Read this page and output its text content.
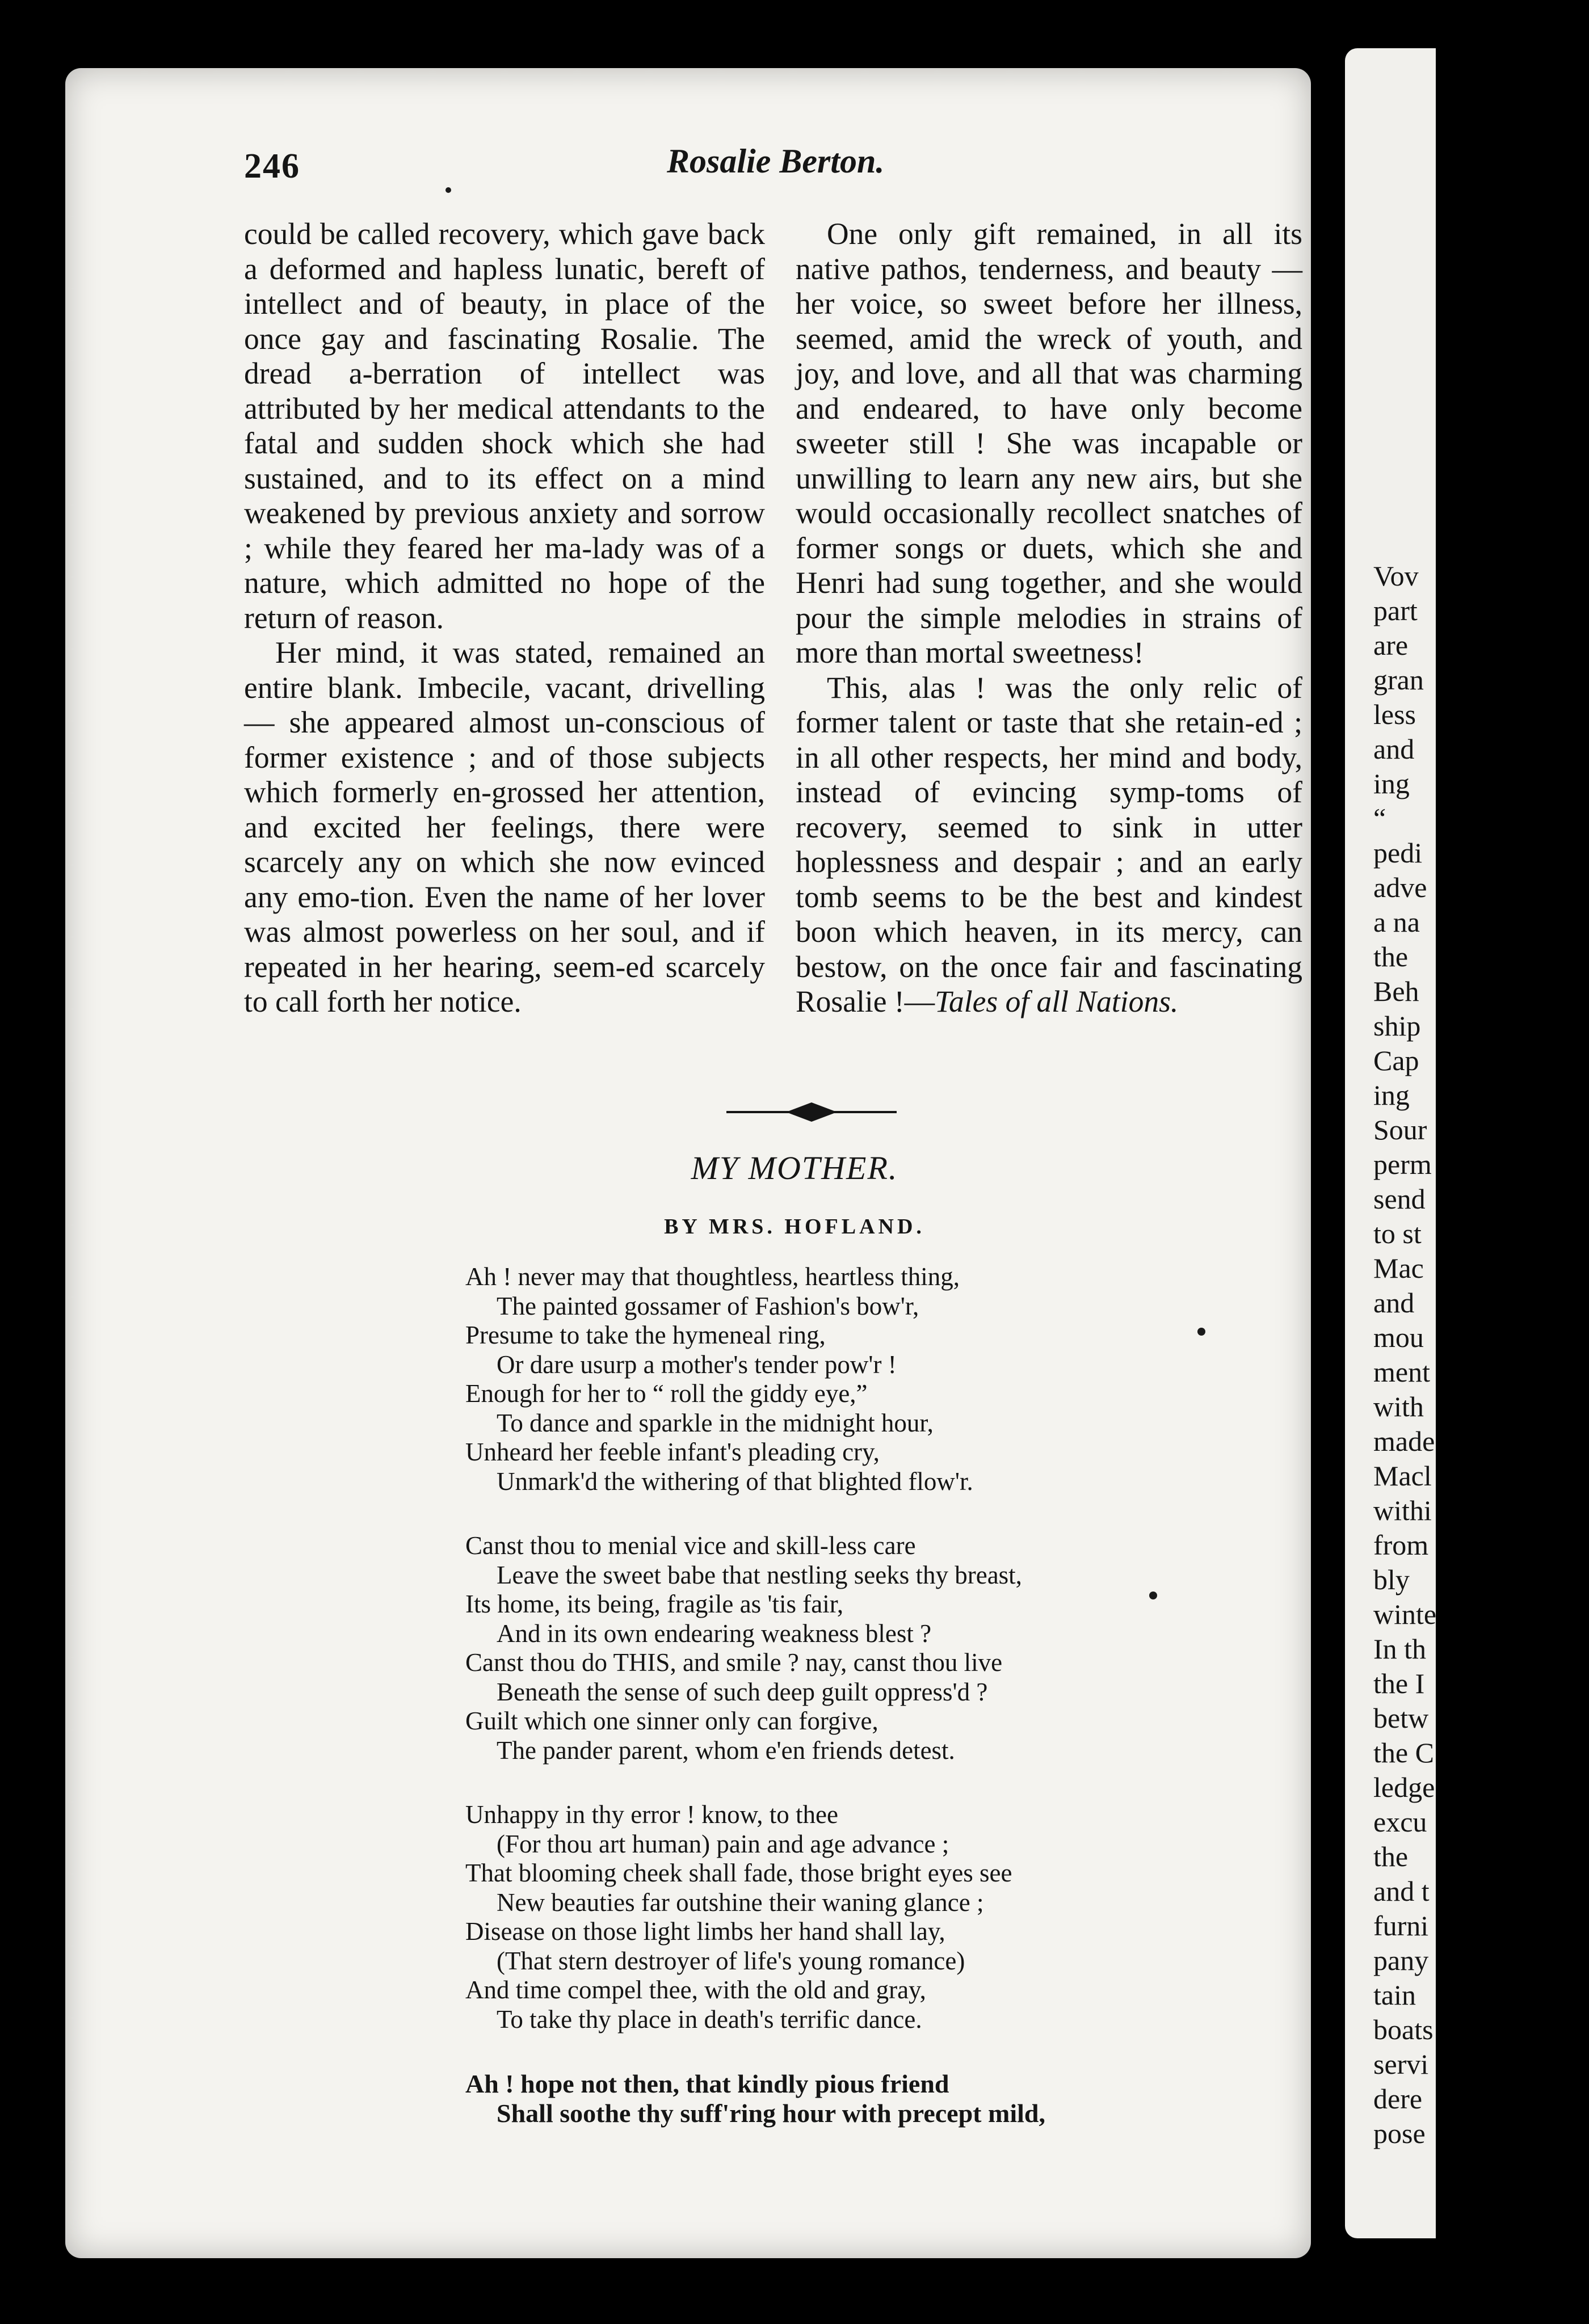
Vov
part
are
gran
less
and
ing
“
pedi
adve
a na
the
Beh
ship
Cap
ing
Sour
perm
send
to st
Mac
and
mou
ment
with
made
Macl
withi
from
bly
winte
In th
the I
betw
the C
ledge
excu
the
and t
furni
pany
tain
boats
servi
dere
pose
246	Rosalie Berton.

could be called recovery, which gave back a deformed and hapless lunatic, bereft of intellect and of beauty, in place of the once gay and fascinating Rosalie. The dread a-berration of intellect was attributed by her medical attendants to the fatal and sudden shock which she had sustained, and to its effect on a mind weakened by previous anxiety and sorrow ; while they feared her ma-lady was of a nature, which admitted no hope of the return of reason.

Her mind, it was stated, remained an entire blank. Imbecile, vacant, drivelling— she appeared almost un-conscious of former existence ; and of those subjects which formerly en-grossed her attention, and excited her feelings, there were scarcely any on which she now evinced any emo-tion. Even the name of her lover was almost powerless on her soul, and if repeated in her hearing, seem-ed scarcely to call forth her notice.

One only gift remained, in all its native pathos, tenderness, and beauty —her voice, so sweet before her illness, seemed, amid the wreck of youth, and joy, and love, and all that was charming and endeared, to have only become sweeter still ! She was incapable or unwilling to learn any new airs, but she would occasionally recollect snatches of former songs or duets, which she and Henri had sung together, and she would pour the simple melodies in strains of more than mortal sweetness!

This, alas ! was the only relic of former talent or taste that she retain-ed ; in all other respects, her mind and body, instead of evincing symp-toms of recovery, seemed to sink in utter hoplessness and despair ; and an early tomb seems to be the best and kindest boon which heaven, in its mercy, can bestow, on the once fair and fascinating Rosalie !—Tales of all Nations.

MY MOTHER.
BY MRS. HOFLAND.
Ah ! never may that thoughtless, heartless thing,
The painted gossamer of Fashion's bow'r,
Presume to take the hymeneal ring,
Or dare usurp a mother's tender pow'r !
Enough for her to “ roll the giddy eye,”
To dance and sparkle in the midnight hour,
Unheard her feeble infant's pleading cry,
Unmark'd the withering of that blighted flow'r.
Canst thou to menial vice and skill-less care
Leave the sweet babe that nestling seeks thy breast,
Its home, its being, fragile as 'tis fair,
And in its own endearing weakness blest ?
Canst thou do THIS, and smile ? nay, canst thou live
Beneath the sense of such deep guilt oppress'd ?
Guilt which one sinner only can forgive,
The pander parent, whom e'en friends detest.
Unhappy in thy error ! know, to thee
(For thou art human) pain and age advance ;
That blooming cheek shall fade, those bright eyes see
New beauties far outshine their waning glance ;
Disease on those light limbs her hand shall lay,
(That stern destroyer of life's young romance)
And time compel thee, with the old and gray,
To take thy place in death's terrific dance.
Ah ! hope not then, that kindly pious friend
Shall soothe thy suff'ring hour with precept mild,
